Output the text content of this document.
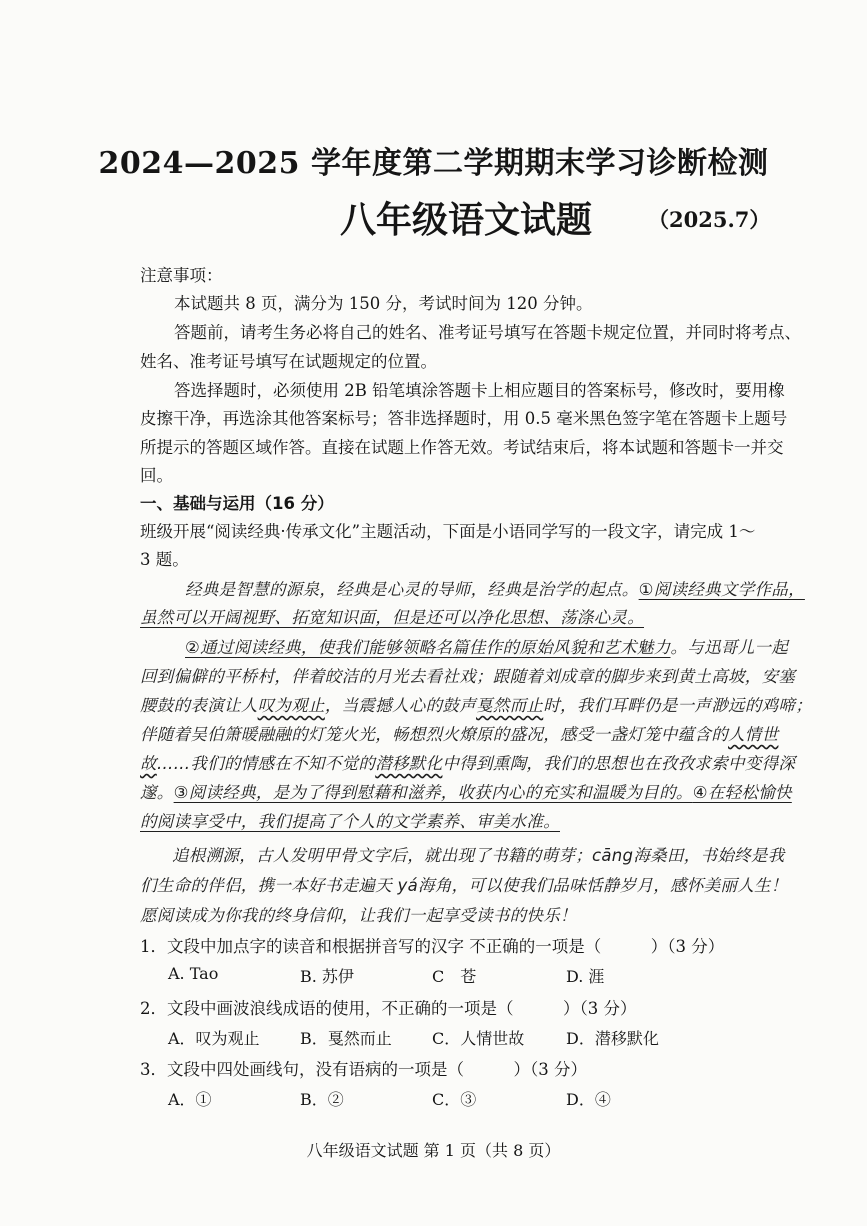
2024—2025 学年度第二学期期末学习诊断检测
八年级语文试题	（2025.7）
注意事项：
本试题共 8 页，满分为 150 分，考试时间为 120 分钟。
答题前，请考生务必将自己的姓名、准考证号填写在答题卡规定位置，并同时将考点、
姓名、准考证号填写在试题规定的位置。
答选择题时，必须使用 2B 铅笔填涂答题卡上相应题目的答案标号，修改时，要用橡
皮擦干净，再选涂其他答案标号；答非选择题时，用 0.5 毫米黑色签字笔在答题卡上题号
所提示的答题区域作答。直接在试题上作答无效。考试结束后，将本试题和答题卡一并交
回。
一、基础与运用（16 分）
班级开展“阅读经典·传承文化”主题活动，下面是小语同学写的一段文字，请完成 1～
3 题。
经典是智慧的源泉，经典是心灵的导师，经典是治学的起点。①阅读经典文学作品，
虽然可以开阔视野、拓宽知识面，但是还可以净化思想、荡涤心灵。
②通过阅读经典，使我们能够领略名篇佳作的原始风貌和艺术魅力。与迅哥儿一起
回到偏僻的平桥村，伴着皎洁的月光去看社戏；跟随着刘成章的脚步来到黄土高坡，安塞
腰鼓的表演让人叹为观止，当震撼人心的鼓声戛然而止时，我们耳畔仍是一声渺远的鸡啼；
伴随着吴伯箫暖融融的灯笼火光，畅想烈火燎原的盛况，感受一盏灯笼中蕴含的人情世
故……我们的情感在不知不觉的潜移默化中得到熏陶，我们的思想也在孜孜求索中变得深
邃。③阅读经典，是为了得到慰藉和滋养，收获内心的充实和温暖为目的。④在轻松愉快
的阅读享受中，我们提高了个人的文学素养、审美水准。
追根溯源，古人发明甲骨文字后，就出现了书籍的萌芽；cāng海桑田，书始终是我
们生命的伴侣，携一本好书走遍天 yá海角，可以使我们品味恬静岁月，感怀美丽人生！
愿阅读成为你我的终身信仰，让我们一起享受读书的快乐！
1．文段中加点字的读音和根据拼音写的汉字 不正确的一项是（　　　）（3 分）
A. Tao	B. 苏伊	C　苍	D. 涯
2．文段中画波浪线成语的使用，不正确的一项是（　　　）（3 分）
A．叹为观止	B．戛然而止	C．人情世故	D．潜移默化
3．文段中四处画线句，没有语病的一项是（　　　）（3 分）
A．①	B．②	C．③	D．④
八年级语文试题 第 1 页（共 8 页）
